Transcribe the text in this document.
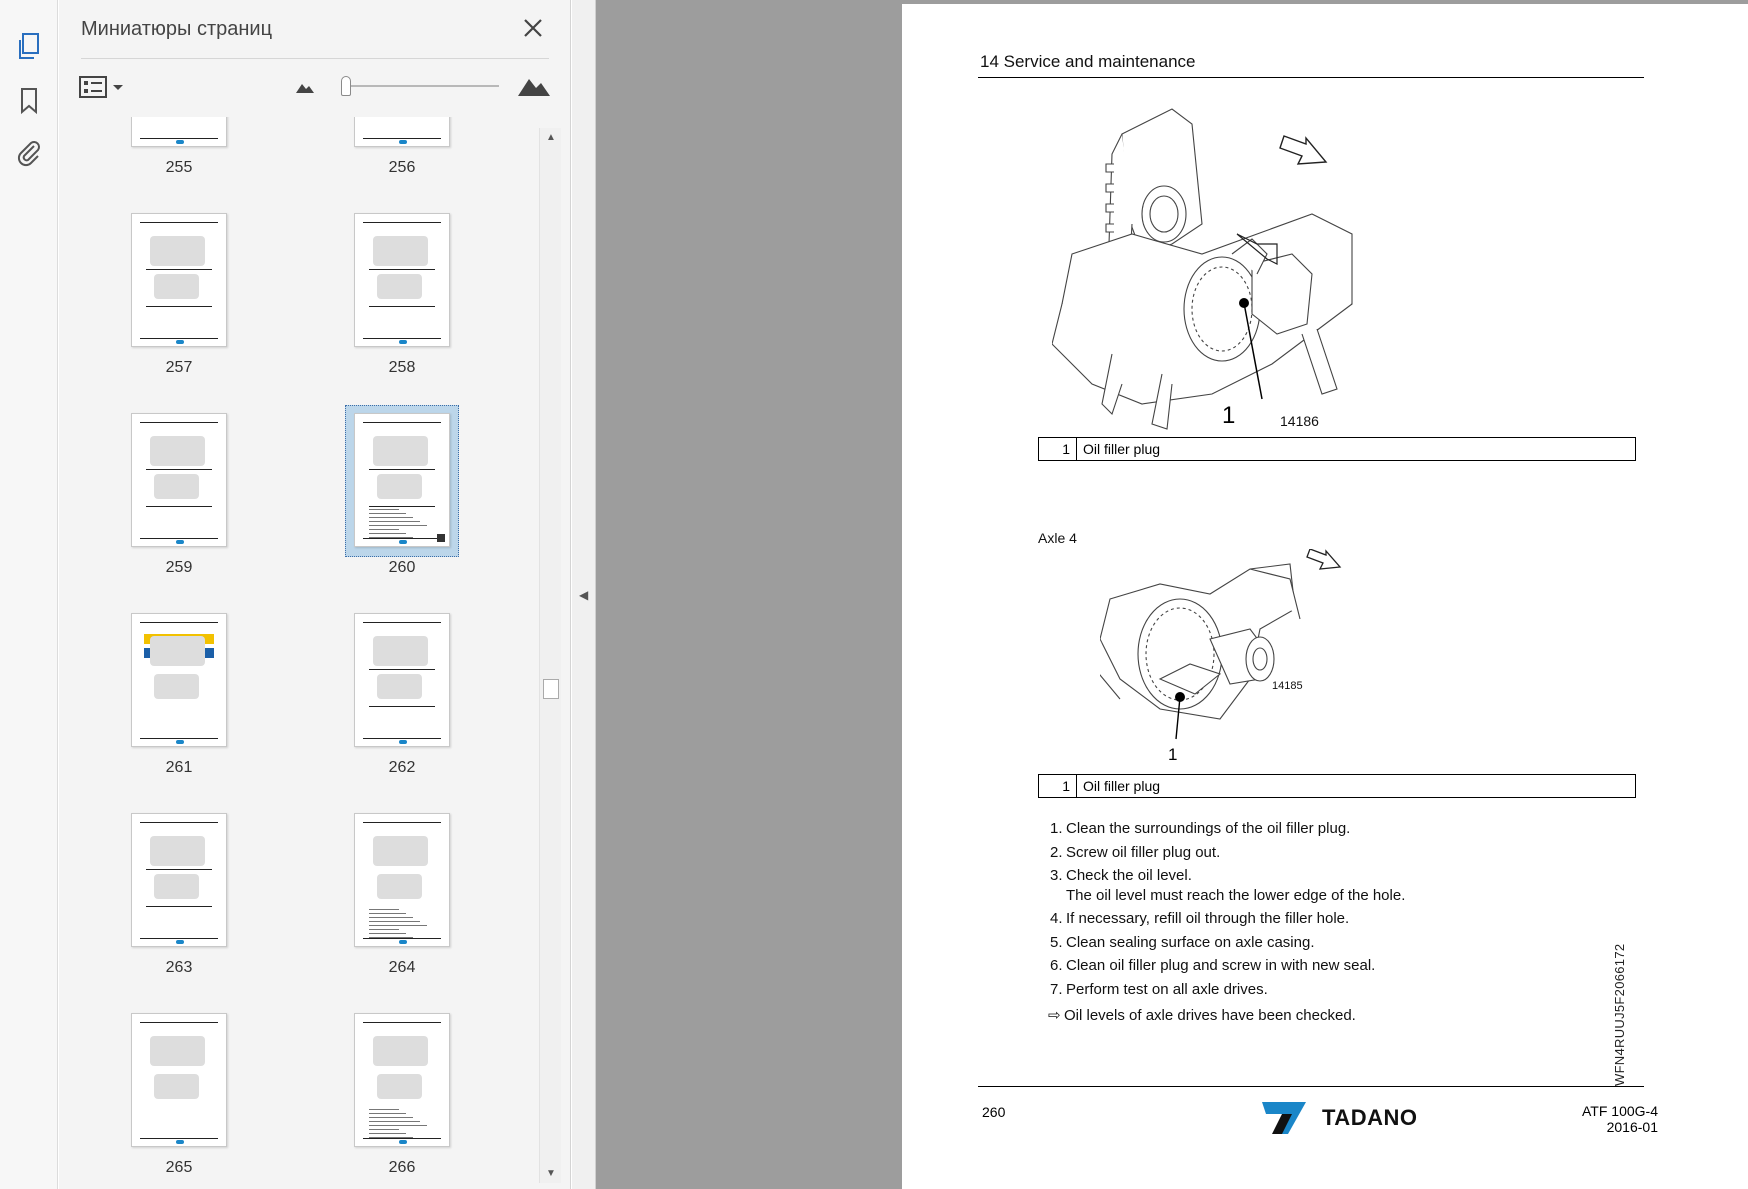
Миниатюры страниц
255	256
257	258
259	260
261	262
263	264
265	266
▲
▼
◀
14 Service and maintenance
1	14186
1 Oil filler plug
Axle 4
14185
1
1 Oil filler plug
1. Clean the surroundings of the oil filler plug.
2. Screw oil filler plug out.
3. Check the oil level.
The oil level must reach the lower edge of the hole.
4. If necessary, refill oil through the filler hole.
5. Clean sealing surface on axle casing.
6. Clean oil filler plug and screw in with new seal.
7. Perform test on all axle drives.
⇨ Oil levels of axle drives have been checked.	WFN4RUUJ5F2066172
260	TADANO	ATF 100G-4
2016-01
